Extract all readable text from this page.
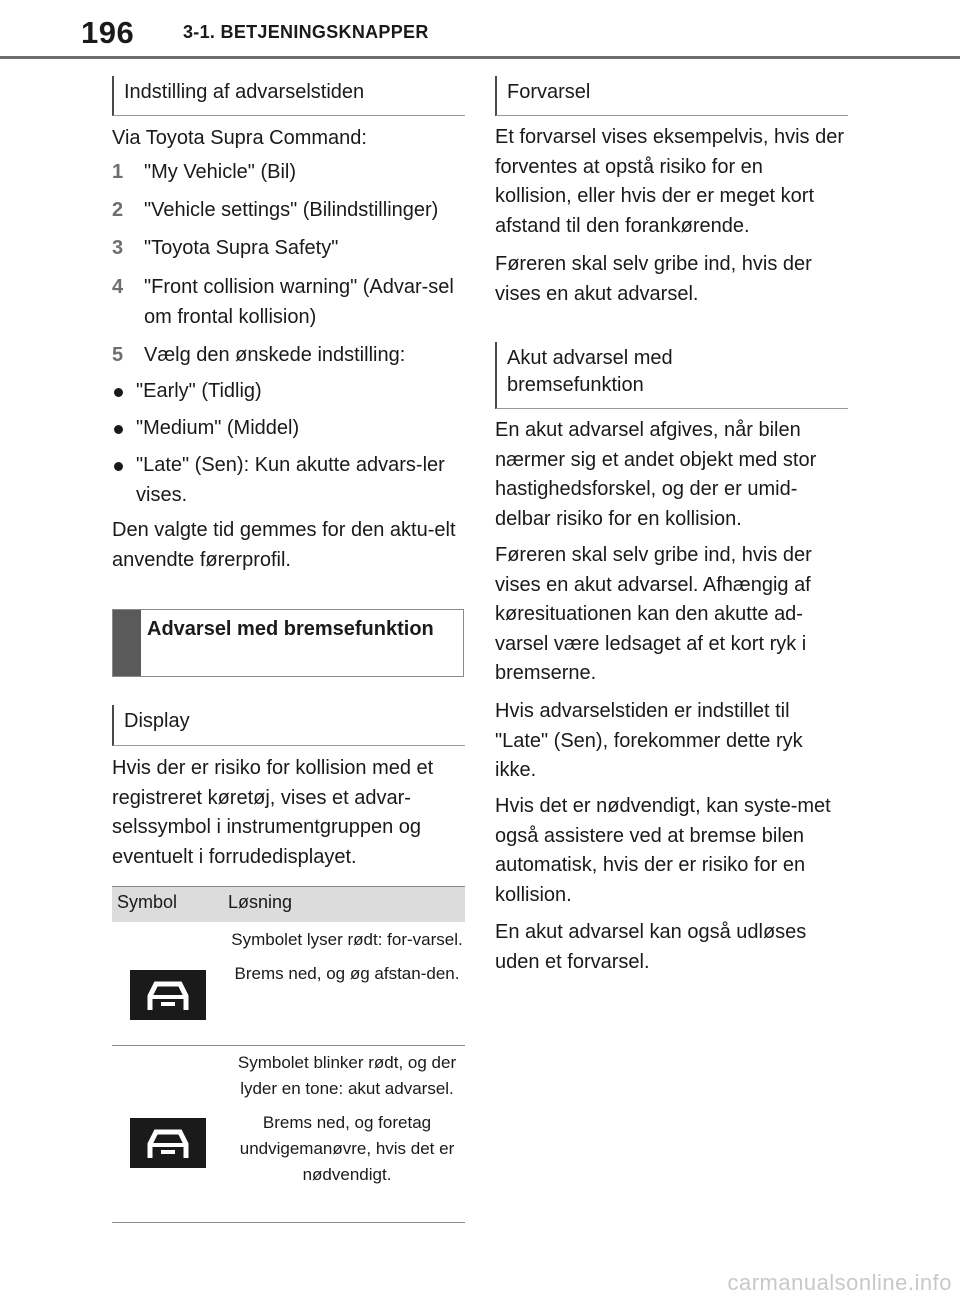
196	3-1. BETJENINGSKNAPPER
Indstilling af advarselstiden

Via Toyota Supra Command:

1 "My Vehicle" (Bil)
2 "Vehicle settings" (Bilindstillinger)
3 "Toyota Supra Safety"
4 "Front collision warning" (Advar-sel om frontal kollision)
5 Vælg den ønskede indstilling:
"Early" (Tidlig)
"Medium" (Middel)
"Late" (Sen): Kun akutte advars-ler vises.

Den valgte tid gemmes for den aktu-elt anvendte førerprofil.

Advarsel med bremsefunktion
Display

Hvis der er risiko for kollision med et registreret køretøj, vises et advar-selssymbol i instrumentgruppen og eventuelt i forrudedisplayet.

Symbol	Løsning

Symbolet lyser rødt: for-varsel.

Brems ned, og øg afstan-den.

Symbolet blinker rødt, og der lyder en tone: akut advarsel.

Brems ned, og foretag undvigemanøvre, hvis det er nødvendigt.

Forvarsel

Et forvarsel vises eksempelvis, hvis der forventes at opstå risiko for en kollision, eller hvis der er meget kort afstand til den forankørende.

Føreren skal selv gribe ind, hvis der vises en akut advarsel.

Akut advarsel med bremsefunktion

En akut advarsel afgives, når bilen nærmer sig et andet objekt med stor hastighedsforskel, og der er umid-delbar risiko for en kollision.

Føreren skal selv gribe ind, hvis der vises en akut advarsel. Afhængig af køresituationen kan den akutte ad-varsel være ledsaget af et kort ryk i bremserne.

Hvis advarselstiden er indstillet til "Late" (Sen), forekommer dette ryk ikke.

Hvis det er nødvendigt, kan syste-met også assistere ved at bremse bilen automatisk, hvis der er risiko for en kollision.

En akut advarsel kan også udløses uden et forvarsel.

carmanualsonline.info
